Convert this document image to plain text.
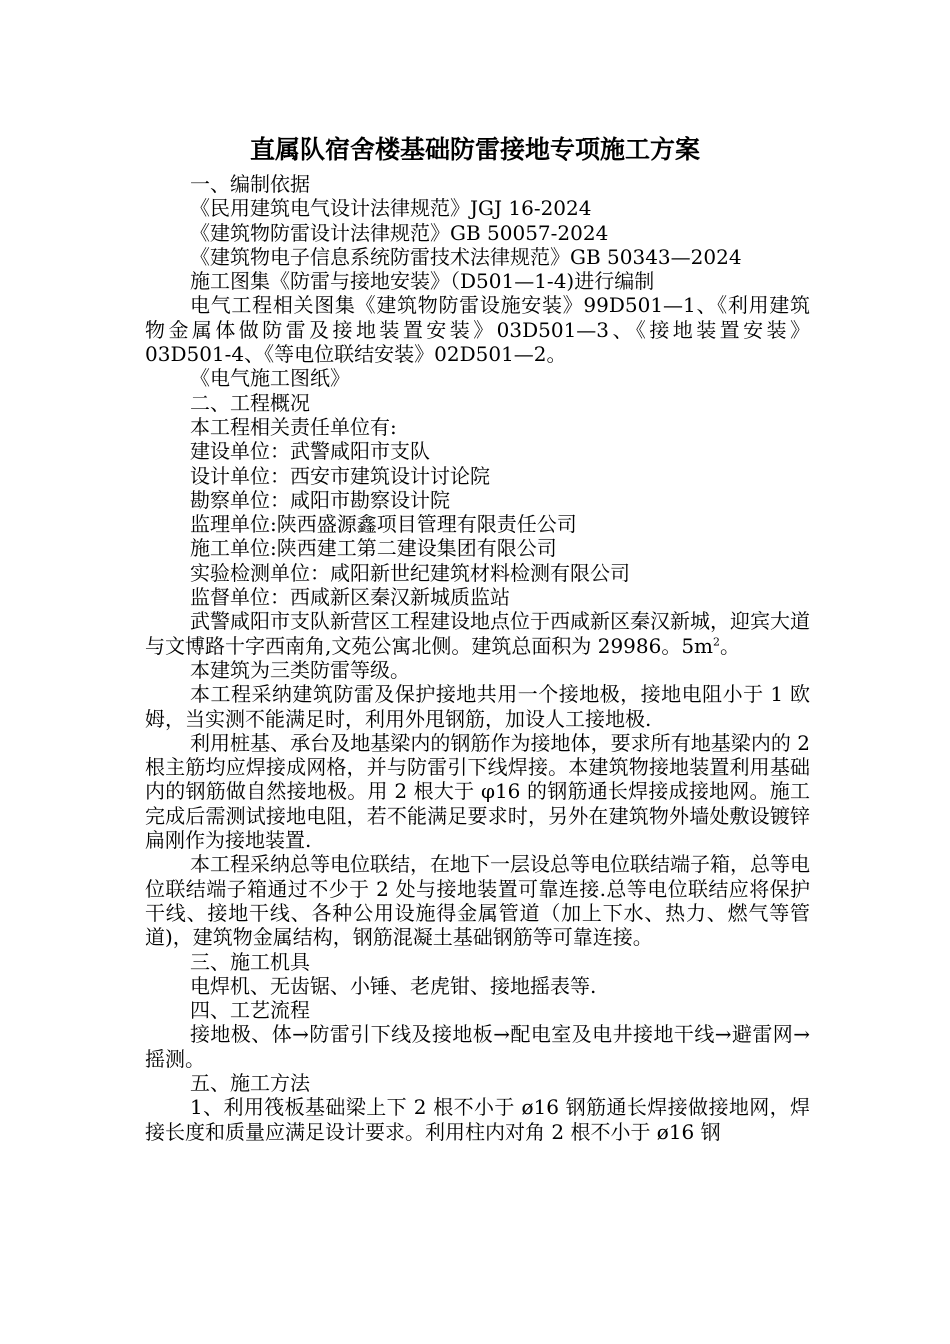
直属队宿舍楼基础防雷接地专项施工方案

一、编制依据

《民用建筑电气设计法律规范》JGJ 16-2024

《建筑物防雷设计法律规范》GB 50057-2024

《建筑物电子信息系统防雷技术法律规范》GB 50343—2024

施工图集《防雷与接地安装》（D501—1-4)进行编制

电气工程相关图集《建筑物防雷设施安装》99D501—1、《利用建筑物金属体做防雷及接地装置安装》03D501—3、《接地装置安装》03D501-4、《等电位联结安装》02D501—2。

《电气施工图纸》

二、工程概况

本工程相关责任单位有:

建设单位：武警咸阳市支队

设计单位：西安市建筑设计讨论院

勘察单位：咸阳市勘察设计院

监理单位:陕西盛源鑫项目管理有限责任公司

施工单位:陕西建工第二建设集团有限公司

实验检测单位：咸阳新世纪建筑材料检测有限公司

监督单位：西咸新区秦汉新城质监站

武警咸阳市支队新营区工程建设地点位于西咸新区秦汉新城，迎宾大道与文博路十字西南角,文苑公寓北侧。建筑总面积为 29986。$5m^2$。

本建筑为三类防雷等级。

本工程采纳建筑防雷及保护接地共用一个接地极，接地电阻小于 1 欧姆，当实测不能满足时，利用外甩钢筋，加设人工接地极.

利用桩基、承台及地基梁内的钢筋作为接地体，要求所有地基梁内的 2 根主筋均应焊接成网格，并与防雷引下线焊接。本建筑物接地装置利用基础内的钢筋做自然接地极。用 2 根大于 φ16 的钢筋通长焊接成接地网。施工完成后需测试接地电阻，若不能满足要求时，另外在建筑物外墙处敷设镀锌扁刚作为接地装置.

本工程采纳总等电位联结，在地下一层设总等电位联结端子箱，总等电位联结端子箱通过不少于 2 处与接地装置可靠连接.总等电位联结应将保护干线、接地干线、各种公用设施得金属管道（加上下水、热力、燃气等管道)，建筑物金属结构，钢筋混凝土基础钢筋等可靠连接。

三、施工机具

电焊机、无齿锯、小锤、老虎钳、接地摇表等.

四、工艺流程

接地极、体→防雷引下线及接地板→配电室及电井接地干线→避雷网→摇测。

五、施工方法

1、利用筏板基础梁上下 2 根不小于 ø16 钢筋通长焊接做接地网，焊接长度和质量应满足设计要求。利用柱内对角 2 根不小于 ø16 钢
